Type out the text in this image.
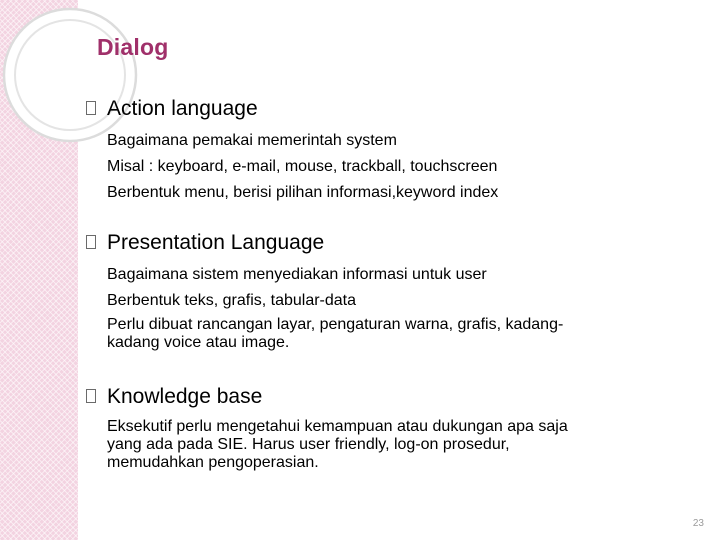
Dialog
Action language
Bagaimana pemakai memerintah system
Misal : keyboard, e-mail, mouse, trackball, touchscreen
Berbentuk menu, berisi pilihan informasi,keyword index
Presentation Language
Bagaimana sistem menyediakan informasi untuk user
Berbentuk teks, grafis, tabular-data
Perlu dibuat rancangan layar, pengaturan warna, grafis, kadang-
kadang voice atau image.
Knowledge base
Eksekutif perlu mengetahui kemampuan atau dukungan apa saja
yang ada pada SIE. Harus user friendly, log-on prosedur,
memudahkan pengoperasian.
23
